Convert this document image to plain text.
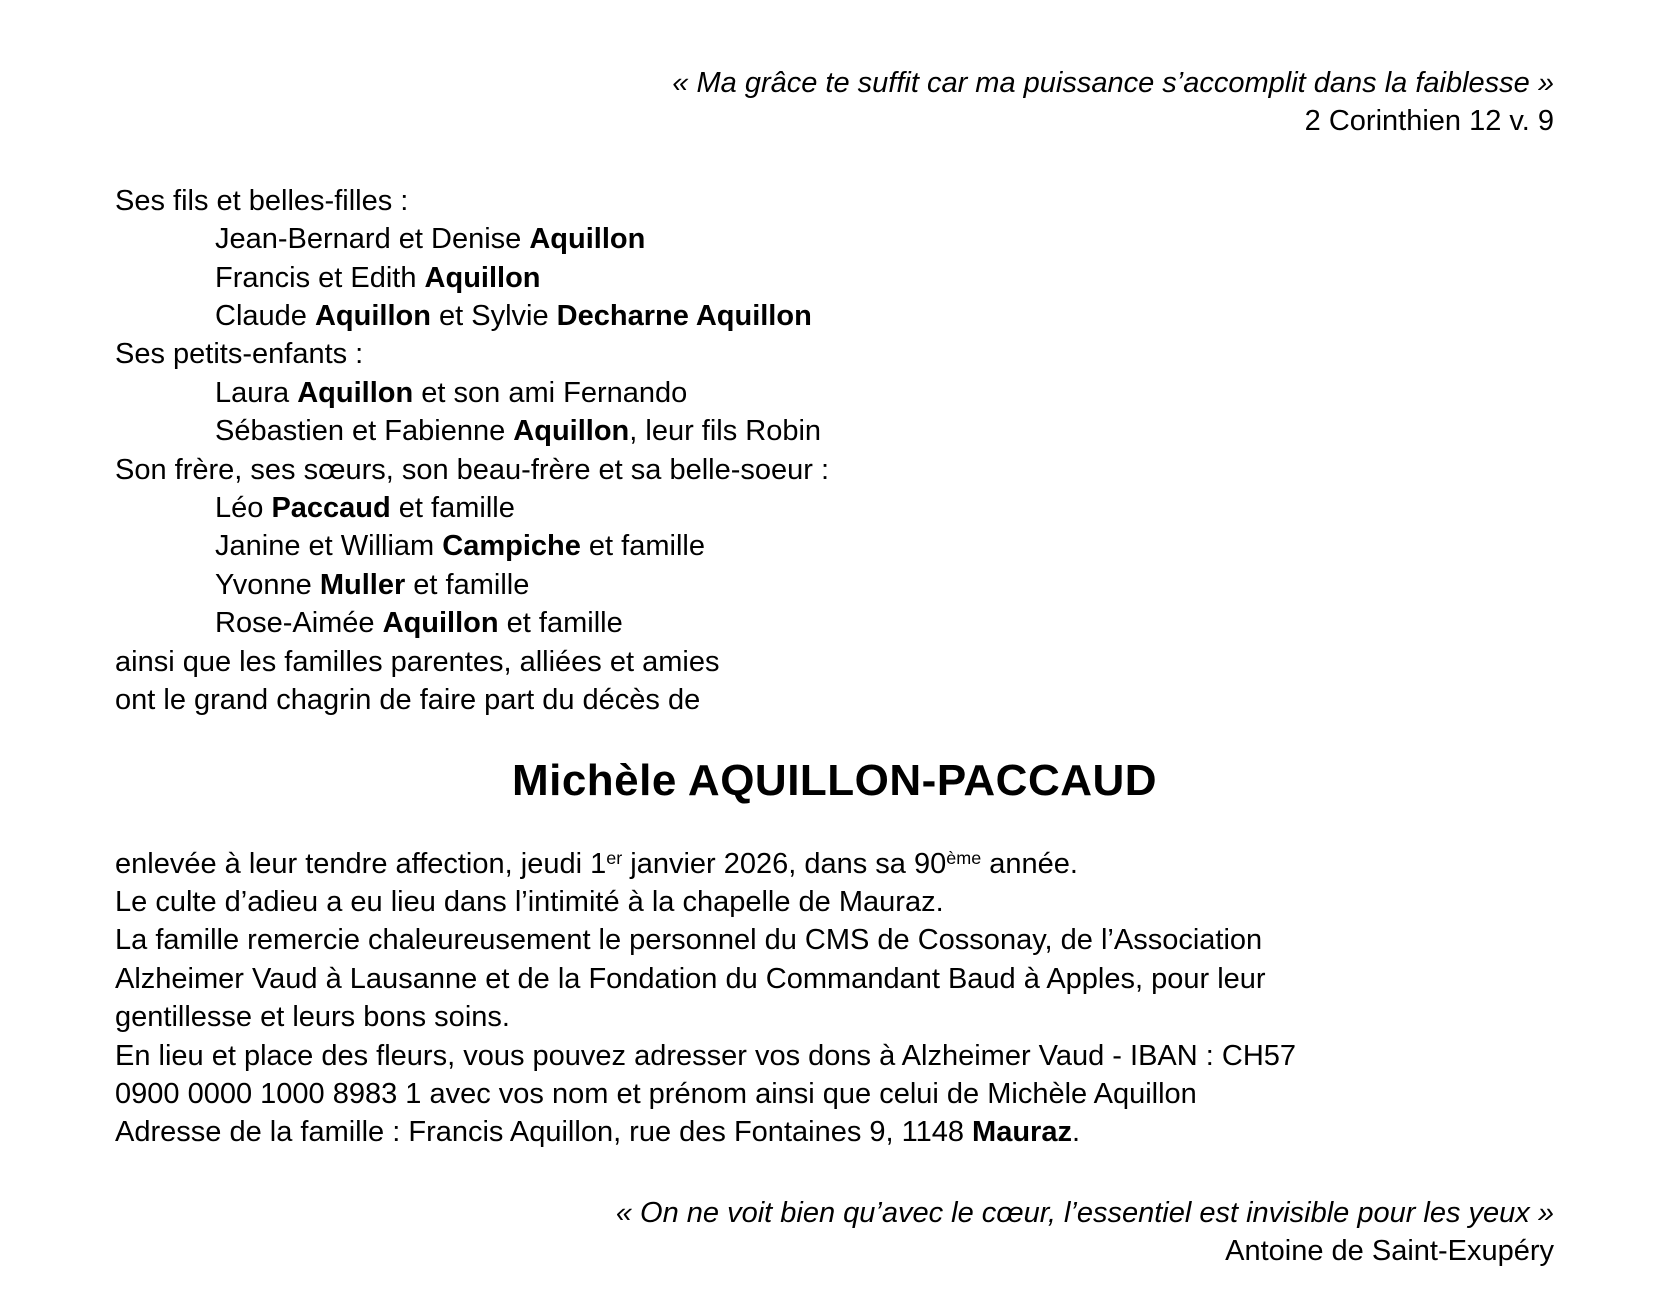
« Ma grâce te suffit car ma puissance s’accomplit dans la faiblesse »
2 Corinthien 12 v. 9
Ses fils et belles-filles :
Jean-Bernard et Denise Aquillon
Francis et Edith Aquillon
Claude Aquillon et Sylvie Decharne Aquillon
Ses petits-enfants :
Laura Aquillon et son ami Fernando
Sébastien et Fabienne Aquillon, leur fils Robin
Son frère, ses sœurs, son beau-frère et sa belle-soeur :
Léo Paccaud et famille
Janine et William Campiche et famille
Yvonne Muller et famille
Rose-Aimée Aquillon et famille
ainsi que les familles parentes, alliées et amies
ont le grand chagrin de faire part du décès de
Michèle AQUILLON-PACCAUD
enlevée à leur tendre affection, jeudi 1er janvier 2026, dans sa 90ème année.
Le culte d’adieu a eu lieu dans l’intimité à la chapelle de Mauraz.
La famille remercie chaleureusement le personnel du CMS de Cossonay, de l’Association
Alzheimer Vaud à Lausanne et de la Fondation du Commandant Baud à Apples, pour leur
gentillesse et leurs bons soins.
En lieu et place des fleurs, vous pouvez adresser vos dons à Alzheimer Vaud - IBAN : CH57
0900 0000 1000 8983 1 avec vos nom et prénom ainsi que celui de Michèle Aquillon
Adresse de la famille : Francis Aquillon, rue des Fontaines 9, 1148 Mauraz.
« On ne voit bien qu’avec le cœur, l’essentiel est invisible pour les yeux »
Antoine de Saint-Exupéry
